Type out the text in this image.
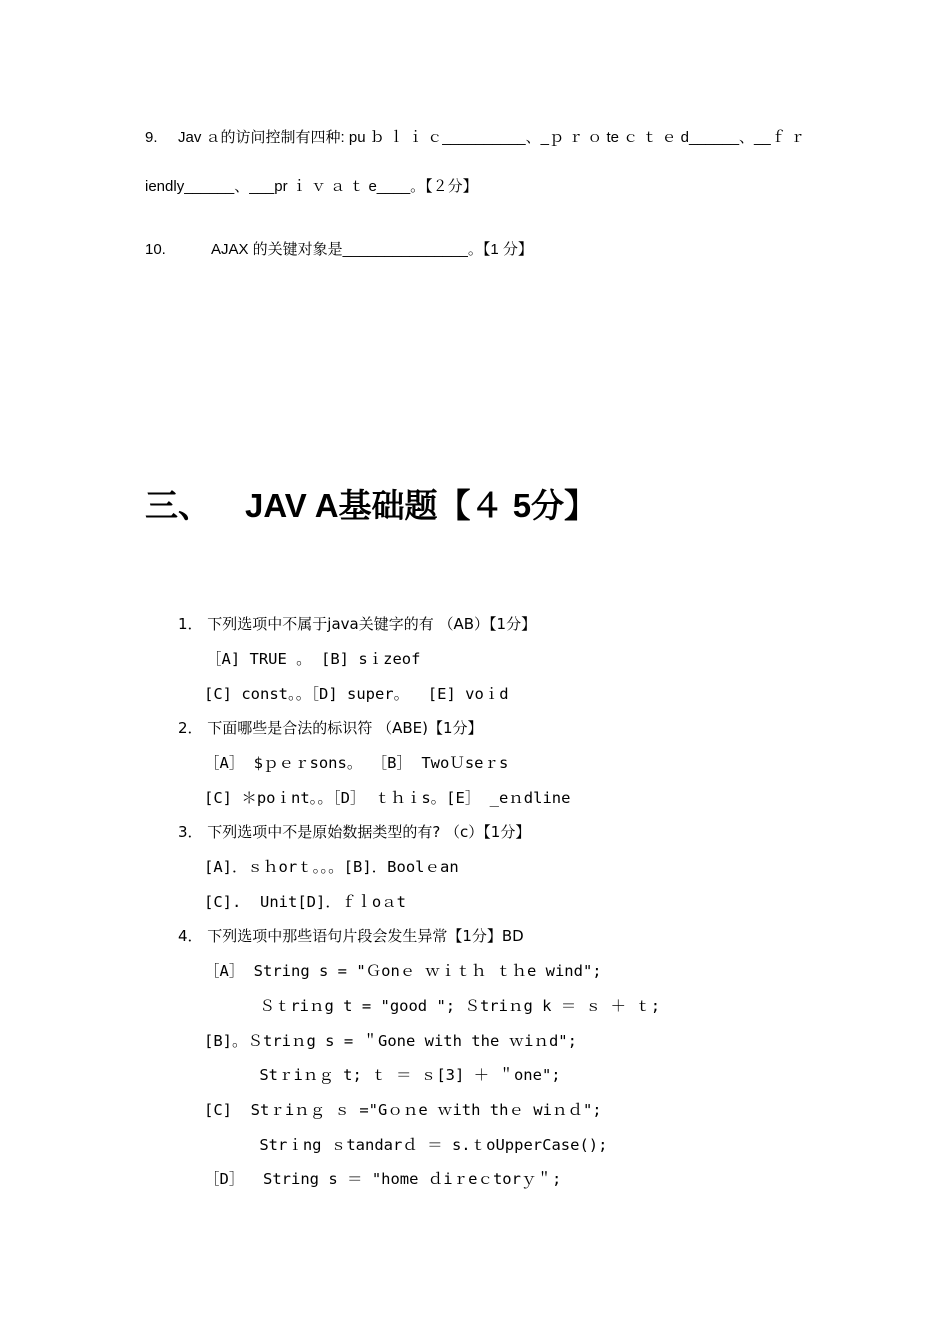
9. Jav ａ的访问控制有四种: pu ｂ ｌ ｉ ｃ__________、_ｐ ｒ ｏ te ｃ ｔ ｅ d______、__ｆ ｒ
iendly______、___pr ｉ ｖ ａ ｔ e____。【２分】
10.	AJAX 的关键对象是_______________。【1 分】
三、 JAV A基础题【４ 5分】
1． 下列选项中不属于java关键字的有 （AB）【1分】
［A] TRUE 。 [B] sｉzeof
[C] const。。［D] super。  [E] voｉd
2． 下面哪些是合法的标识符 （ABE)【1分】
［A］ $ｐｅｒsons。 ［B］ TwoＵseｒs
[C] ＊poｉnt。。［D］ ｔｈｉs。[E］ _eｎdline
3． 下列选项中不是原始数据类型的有? （c）【1分】
[A]．ｓｈorｔ。。。[B]．Boolｅan
[C].  Unit[D]．ｆｌoａt
4． 下列选项中那些语句片段会发生异常【1分】BD
［A］ String s = "Ｇonｅ ｗｉｔｈ ｔｈe wind";
Ｓｔriｎg t = "good "; Ｓtriｎg k ＝ ｓ ＋ ｔ;
[B]。Ｓtriｎg s = ＂Gone with the ｗiｎd";
Stｒiｎｇ t; ｔ ＝ ｓ[3] ＋ ＂one";
[C]  Stｒiｎｇ ｓ ="Gｏｎe ｗith thｅ wiｎｄ";
Strｉng ｓtandarｄ ＝ s.ｔoUpperCase();
［D］  String s ＝ "home ｄiｒeｃtorｙ＂;
